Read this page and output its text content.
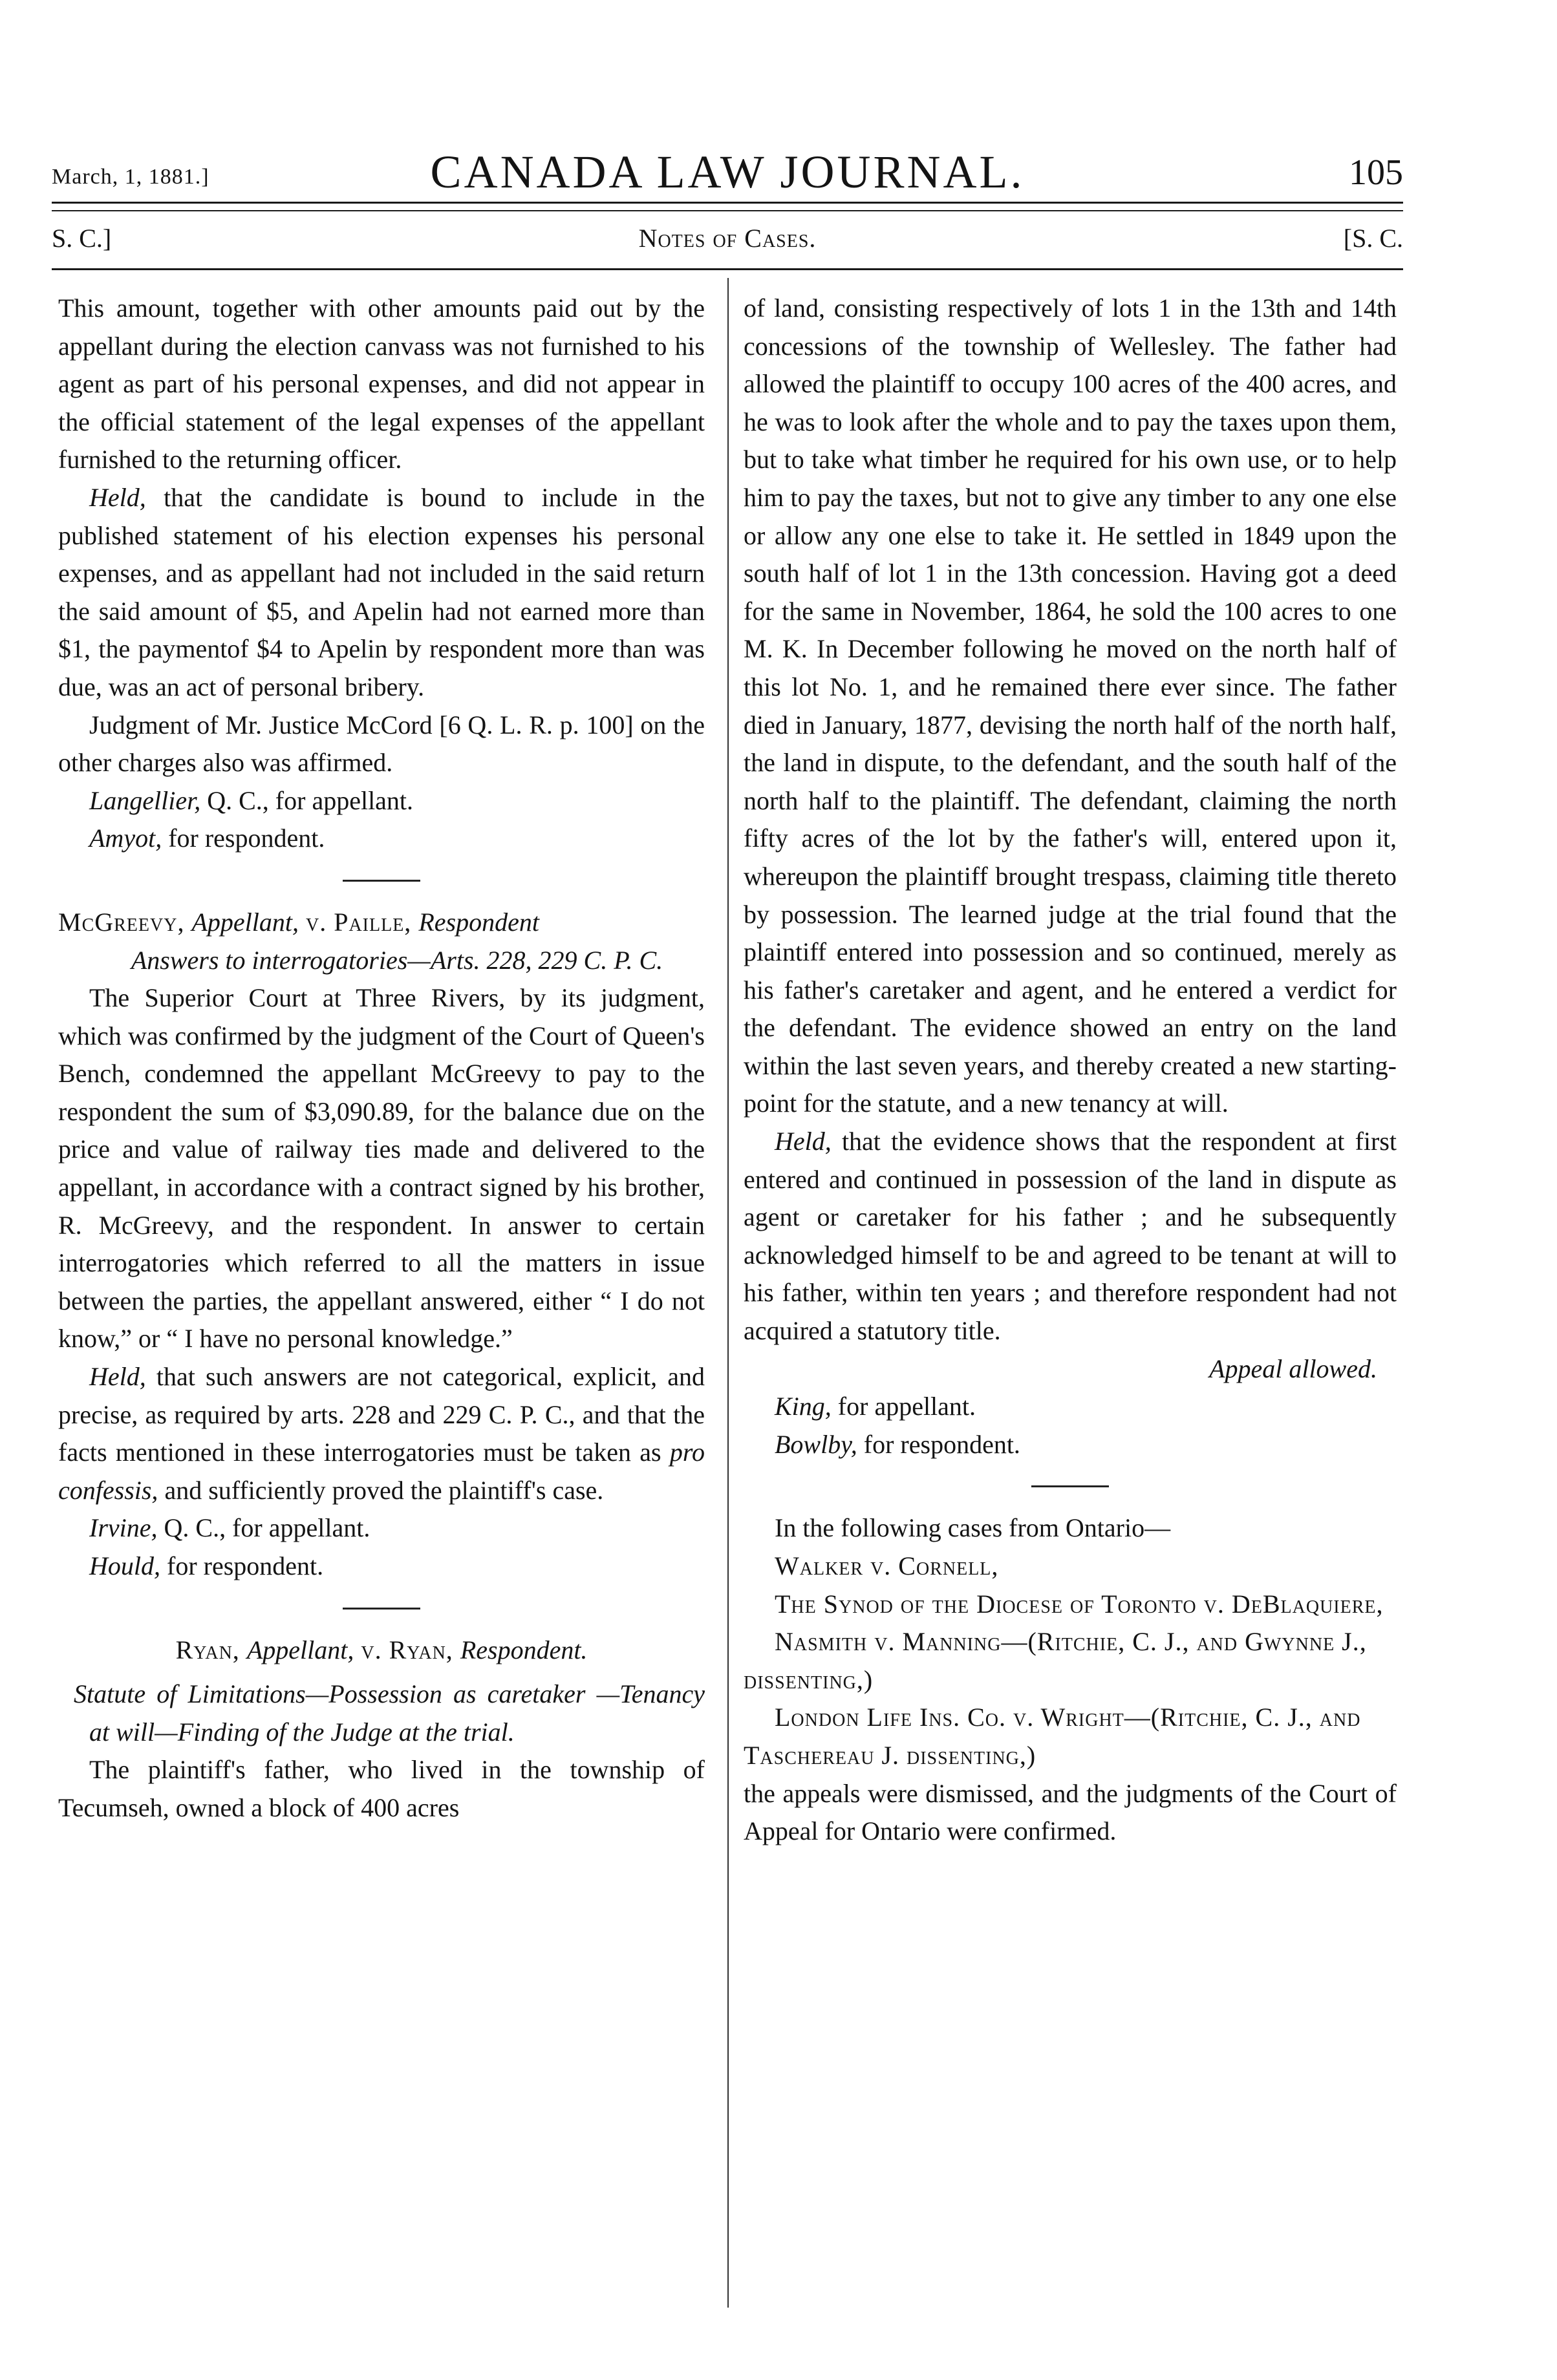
March, 1, 1881.]	CANADA LAW JOURNAL.	105
S. C.]	Notes of Cases.	[S. C.

This amount, together with other amounts paid out by the appellant during the election canvass was not furnished to his agent as part of his personal expenses, and did not appear in the official statement of the legal expenses of the appellant furnished to the returning officer.

Held, that the candidate is bound to include in the published statement of his election expenses his personal expenses, and as appellant had not included in the said return the said amount of $5, and Apelin had not earned more than $1, the paymentof $4 to Apelin by respondent more than was due, was an act of personal bribery.

Judgment of Mr. Justice McCord [6 Q. L. R. p. 100] on the other charges also was affirmed.

Langellier, Q. C., for appellant.

Amyot, for respondent.

McGreevy, Appellant, v. Paille, Respondent

Answers to interrogatories—Arts. 228, 229 C. P. C.

The Superior Court at Three Rivers, by its judgment, which was confirmed by the judgment of the Court of Queen's Bench, condemned the appellant McGreevy to pay to the respondent the sum of $3,090.89, for the balance due on the price and value of railway ties made and delivered to the appellant, in accordance with a contract signed by his brother, R. McGreevy, and the respondent. In answer to certain interrogatories which referred to all the matters in issue between the parties, the appellant answered, either “ I do not know,” or “ I have no personal knowledge.”

Held, that such answers are not categorical, explicit, and precise, as required by arts. 228 and 229 C. P. C., and that the facts mentioned in these interrogatories must be taken as pro confessis, and sufficiently proved the plaintiff's case.

Irvine, Q. C., for appellant.

Hould, for respondent.

Ryan, Appellant, v. Ryan, Respondent.

Statute of Limitations—Possession as caretaker —Tenancy at will—Finding of the Judge at the trial.

The plaintiff's father, who lived in the township of Tecumseh, owned a block of 400 acres

of land, consisting respectively of lots 1 in the 13th and 14th concessions of the township of Wellesley. The father had allowed the plaintiff to occupy 100 acres of the 400 acres, and he was to look after the whole and to pay the taxes upon them, but to take what timber he required for his own use, or to help him to pay the taxes, but not to give any timber to any one else or allow any one else to take it. He settled in 1849 upon the south half of lot 1 in the 13th concession. Having got a deed for the same in November, 1864, he sold the 100 acres to one M. K. In December following he moved on the north half of this lot No. 1, and he remained there ever since. The father died in January, 1877, devising the north half of the north half, the land in dispute, to the defendant, and the south half of the north half to the plaintiff. The defendant, claiming the north fifty acres of the lot by the father's will, entered upon it, whereupon the plaintiff brought trespass, claiming title thereto by possession. The learned judge at the trial found that the plaintiff entered into possession and so continued, merely as his father's caretaker and agent, and he entered a verdict for the defendant. The evidence showed an entry on the land within the last seven years, and thereby created a new starting-point for the statute, and a new tenancy at will.

Held, that the evidence shows that the respondent at first entered and continued in possession of the land in dispute as agent or caretaker for his father ; and he subsequently acknowledged himself to be and agreed to be tenant at will to his father, within ten years ; and therefore respondent had not acquired a statutory title.

Appeal allowed.

King, for appellant.

Bowlby, for respondent.

In the following cases from Ontario—

Walker v. Cornell,

The Synod of the Diocese of Toronto v. DeBlaquiere,

Nasmith v. Manning—(Ritchie, C. J., and Gwynne J., dissenting,)

London Life Ins. Co. v. Wright—(Ritchie, C. J., and Taschereau J. dissenting,)

the appeals were dismissed, and the judgments of the Court of Appeal for Ontario were confirmed.
